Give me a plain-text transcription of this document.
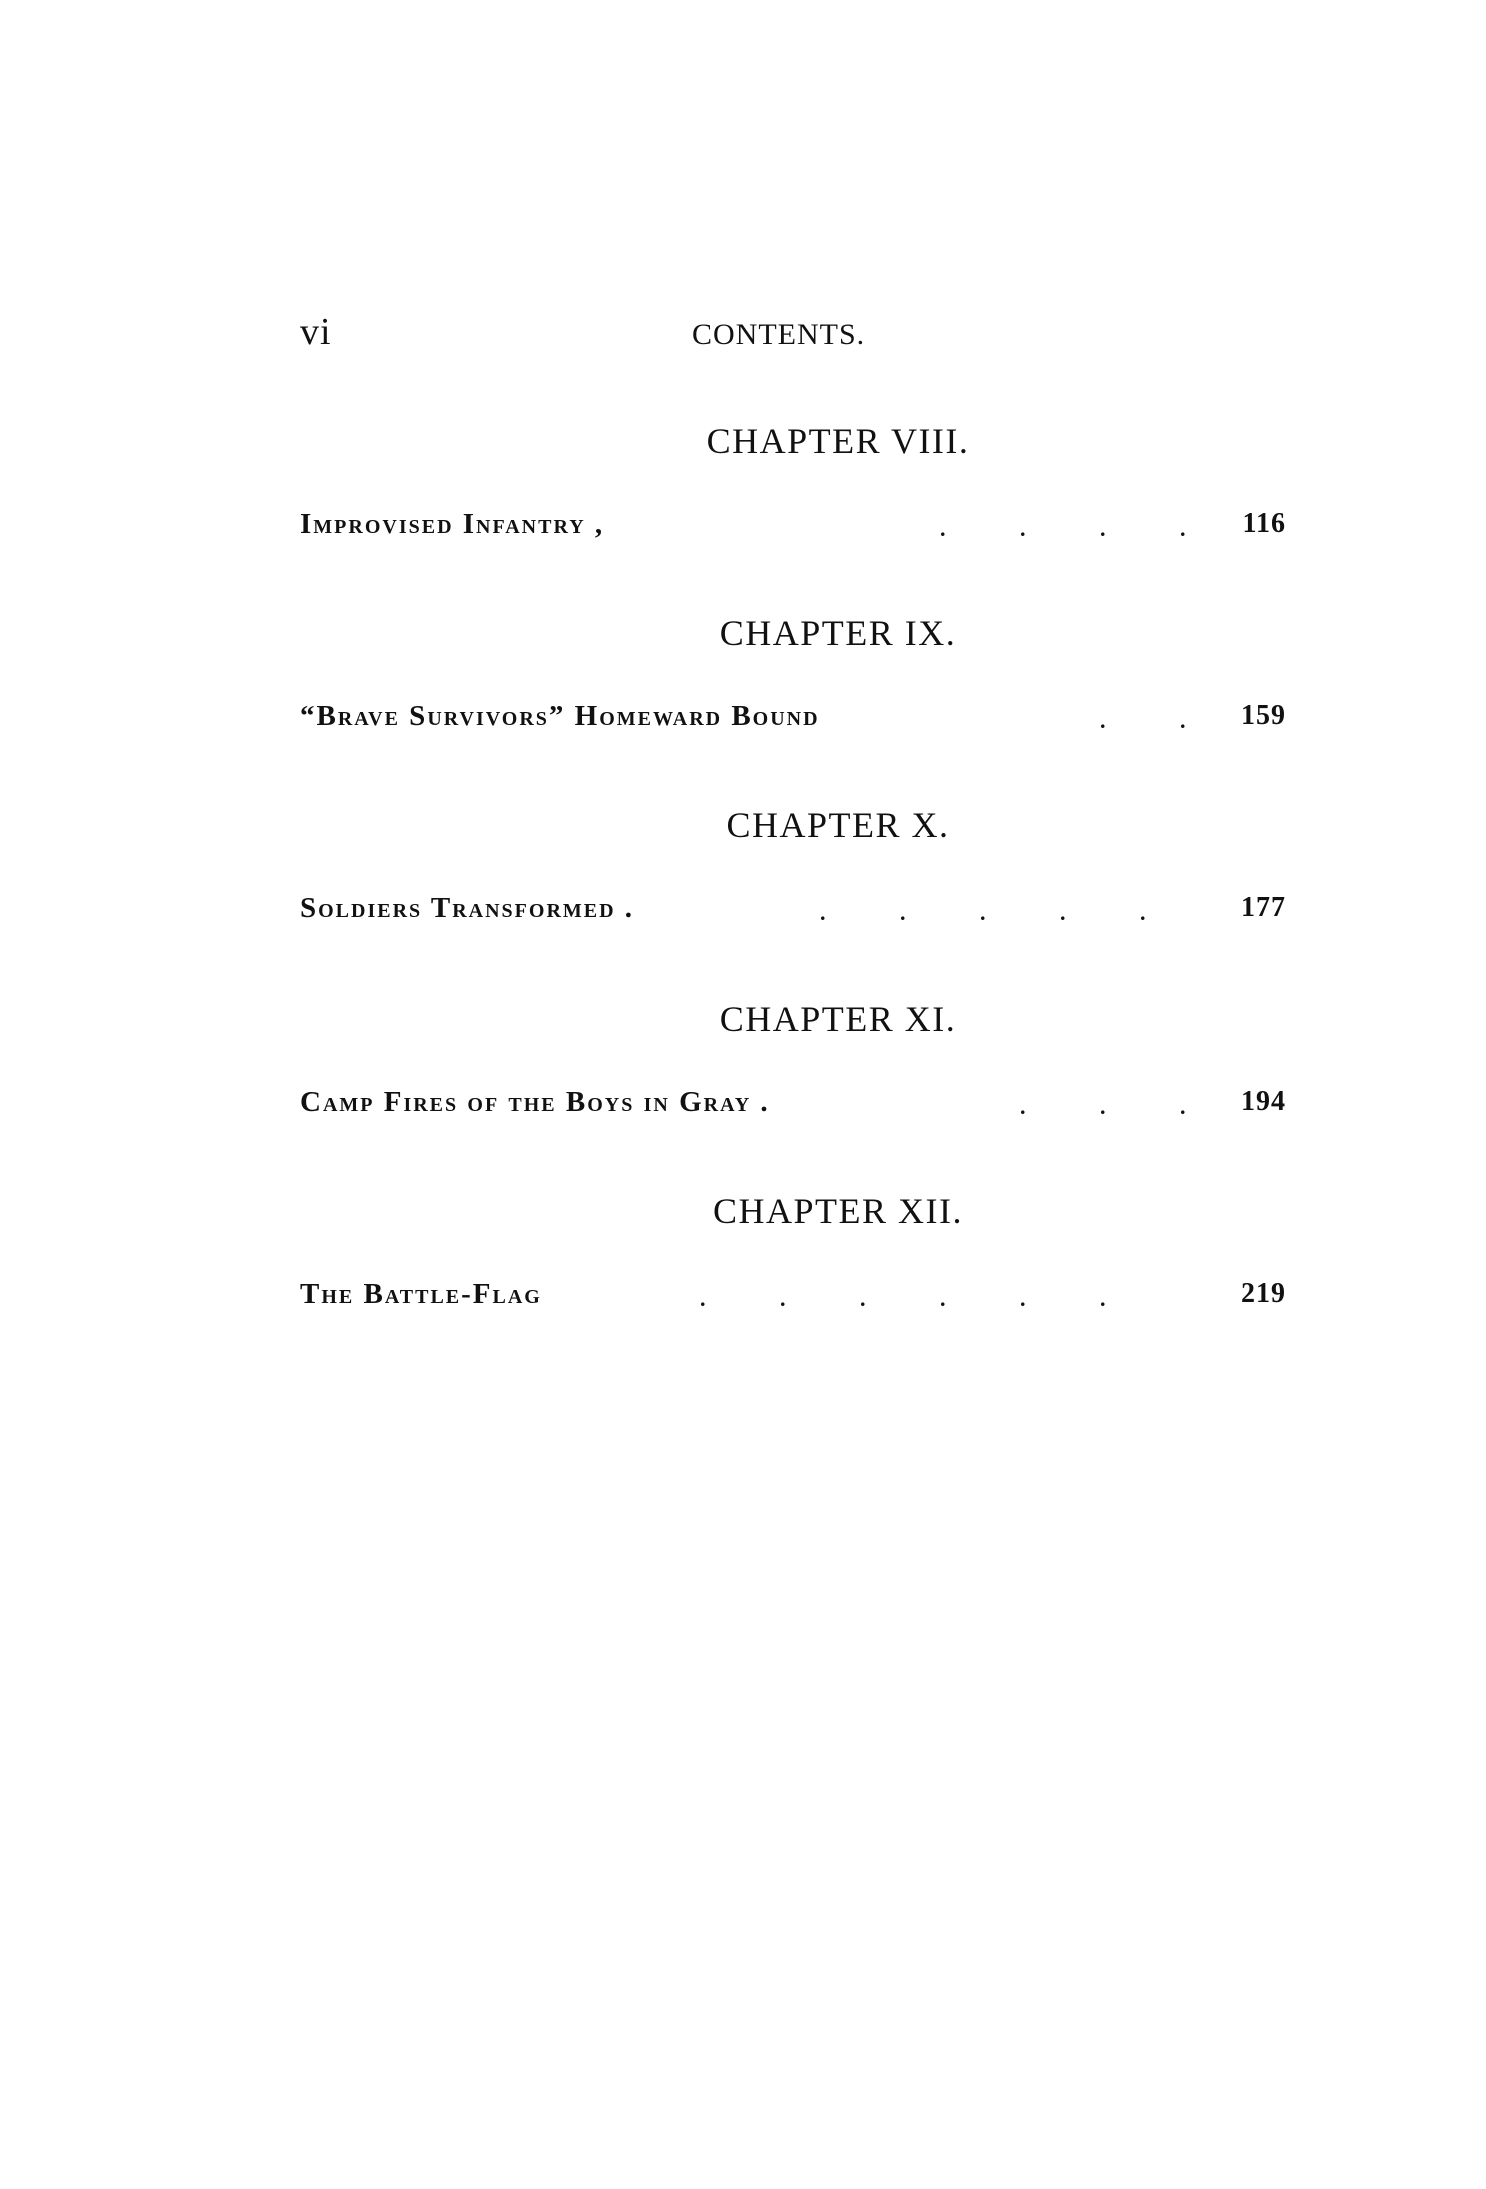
vi	CONTENTS.
CHAPTER VIII.
Improvised Infantry ,	.	.	.	. 116
CHAPTER IX.
“Brave Survivors” Homeward Bound	.	. 159
CHAPTER X.
Soldiers Transformed .	.	.	.	.	.	177
CHAPTER XI.
Camp Fires of the Boys in Gray .	.	.	. 194
CHAPTER XII.
The Battle-Flag	.	.	.	.	.	.	219
